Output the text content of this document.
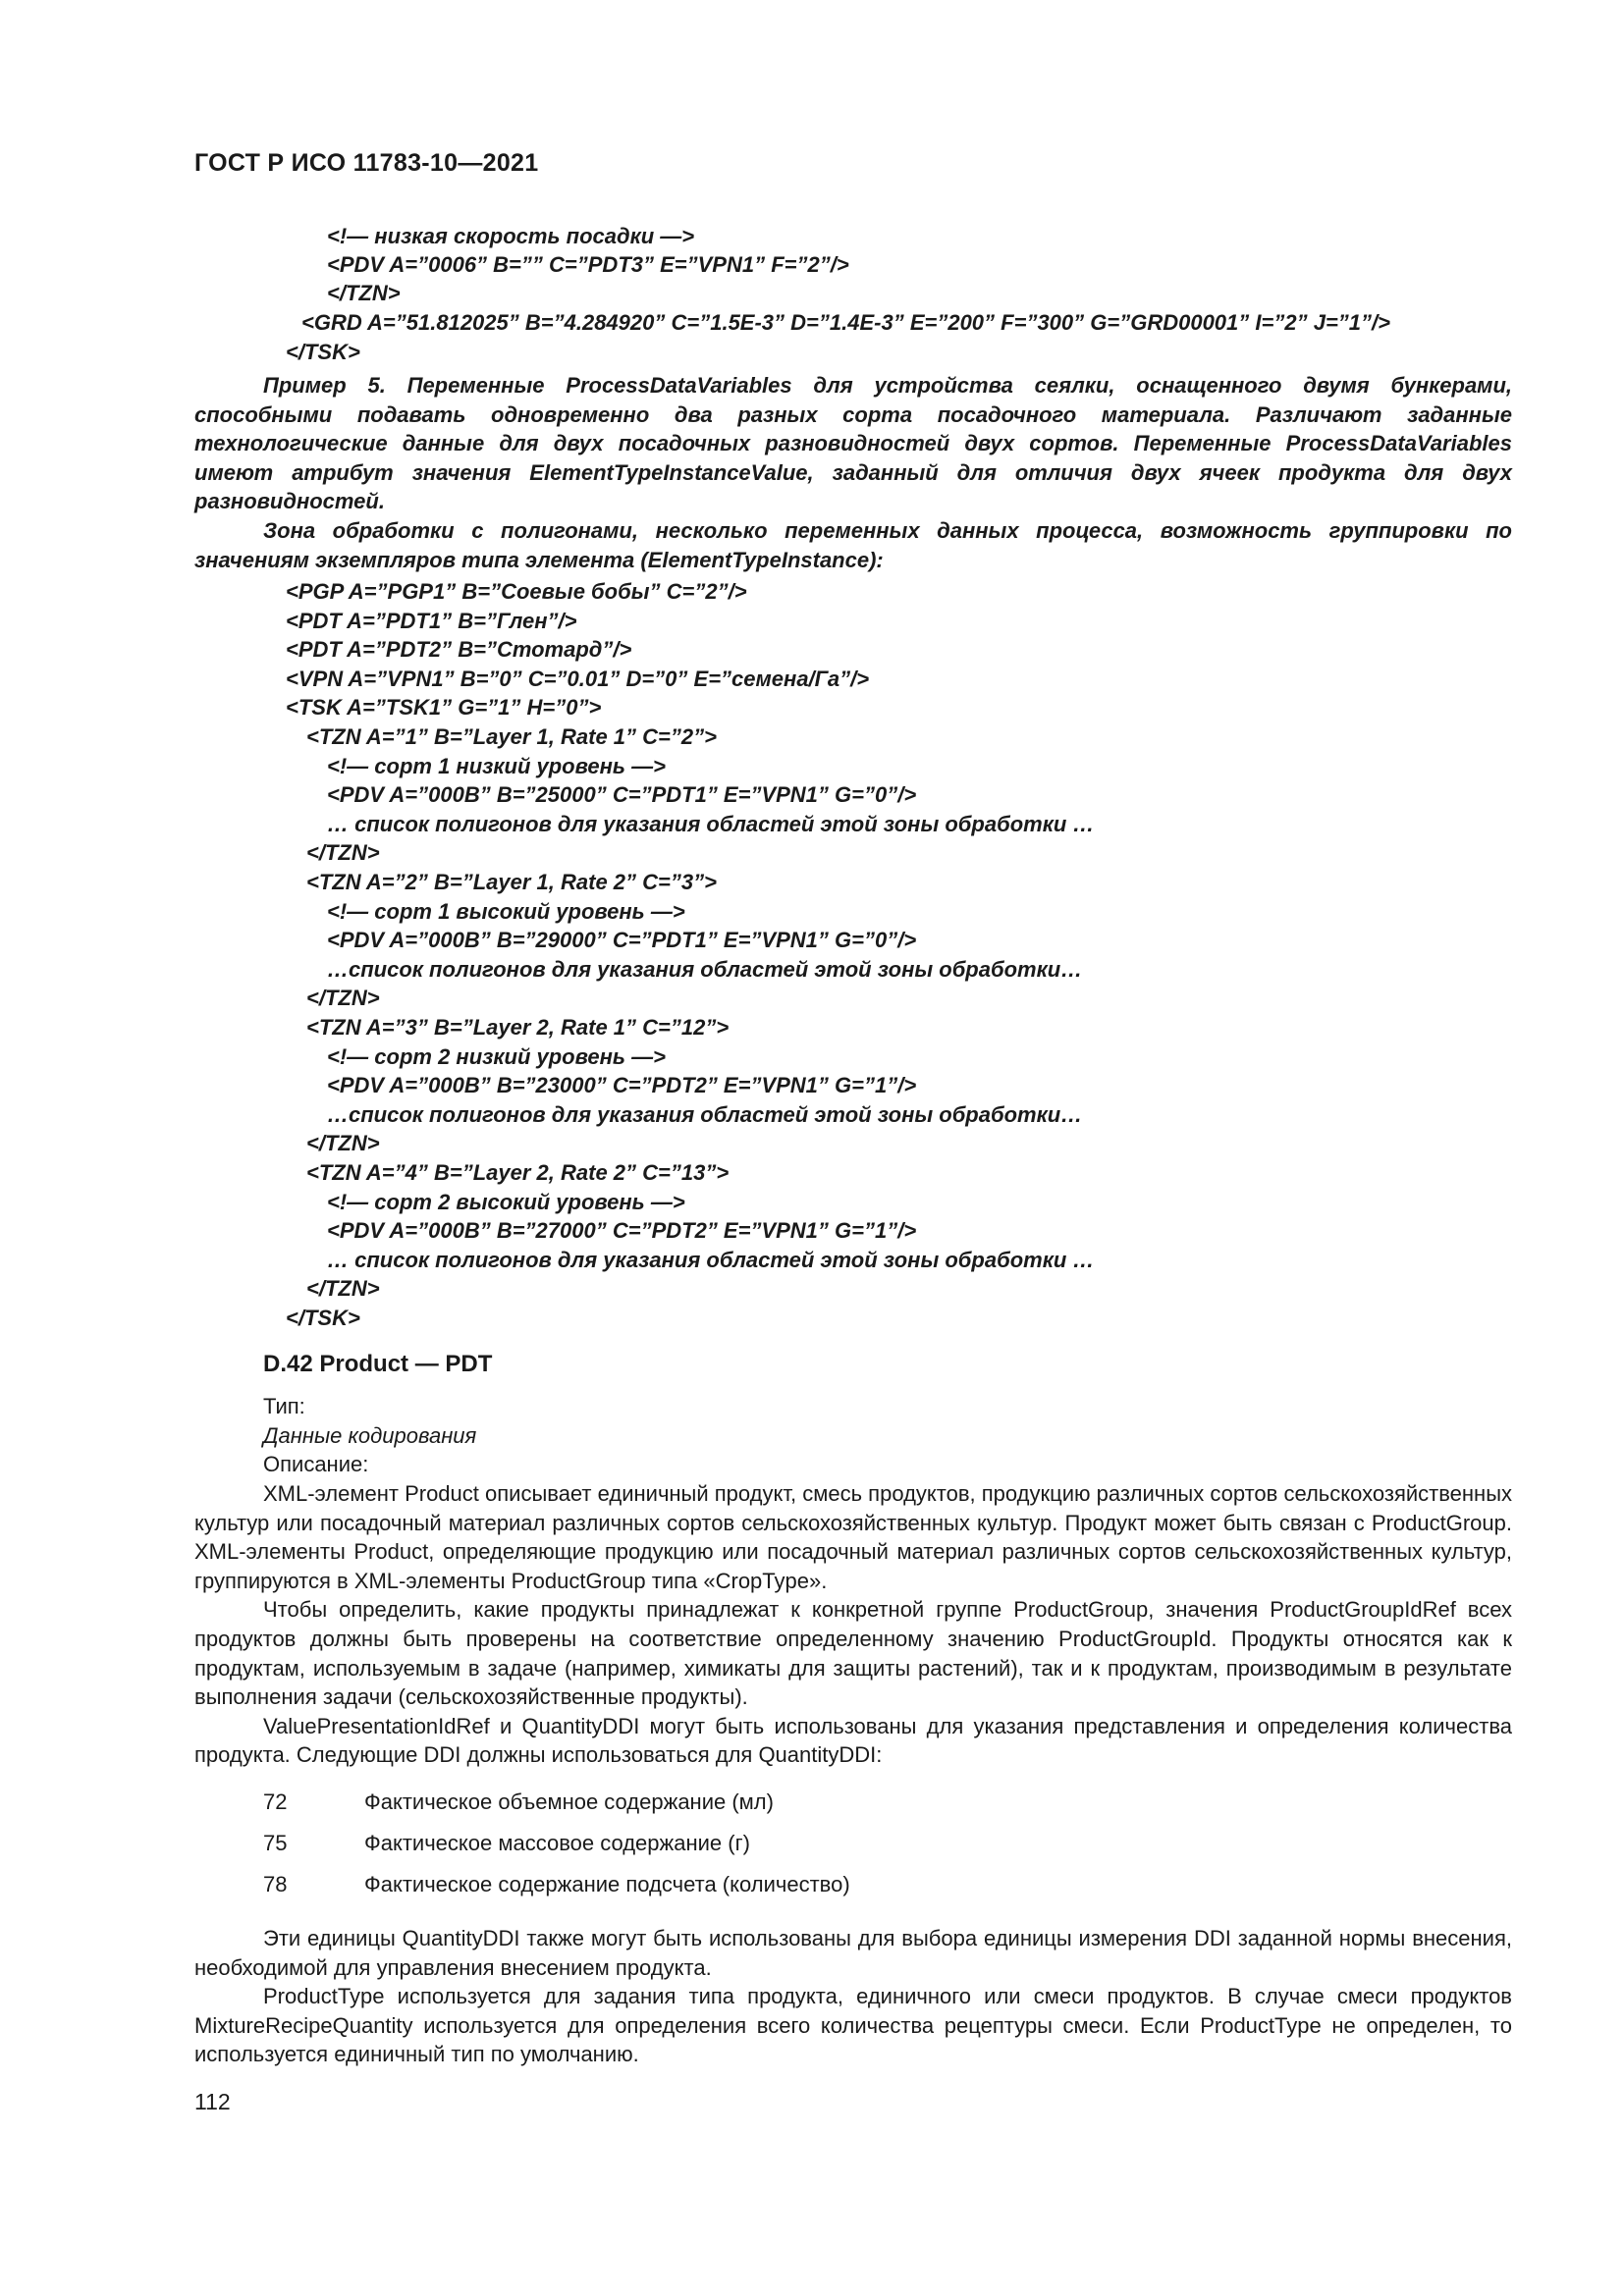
ГОСТ Р ИСО 11783-10—2021
<!— низкая скорость посадки —>
<PDV A=”0006” B=”” C=”PDT3” E=”VPN1” F=”2”/>
</TZN>
<GRD A=”51.812025” B=”4.284920” C=”1.5E-3” D=”1.4E-3” E=”200” F=”300” G=”GRD00001” I=”2” J=”1”/>
</TSK>

Пример 5. Переменные ProcessDataVariables для устройства сеялки, оснащенного двумя бункерами, способными подавать одновременно два разных сорта посадочного материала. Различают заданные технологические данные для двух посадочных разновидностей двух сортов. Переменные ProcessDataVariables имеют атрибут значения ElementTypeInstanceValue, заданный для отличия двух ячеек продукта для двух разновидностей.

Зона обработки с полигонами, несколько переменных данных процесса, возможность группировки по значениям экземпляров типа элемента (ElementTypeInstance):

<PGP A=”PGP1” B=”Соевые бобы” C=”2”/>
<PDT A=”PDT1” B=”Глен”/>
<PDT A=”PDT2” B=”Стотард”/>
<VPN A=”VPN1” B=”0” C=”0.01” D=”0” E=”семена/Га”/>
<TSK A=”TSK1” G=”1” H=”0”>
<TZN A=”1” B=”Layer 1, Rate 1” C=”2”>
<!— сорт 1 низкий уровень —>
<PDV A=”000B” B=”25000” C=”PDT1” E=”VPN1” G=”0”/>
… список полигонов для указания областей этой зоны обработки …
</TZN>
<TZN A=”2” B=”Layer 1, Rate 2” C=”3”>
<!— сорт 1 высокий уровень —>
<PDV A=”000B” B=”29000” C=”PDT1” E=”VPN1” G=”0”/>
…список полигонов для указания областей этой зоны обработки…
</TZN>
<TZN A=”3” B=”Layer 2, Rate 1” C=”12”>
<!— сорт 2 низкий уровень —>
<PDV A=”000B” B=”23000” C=”PDT2” E=”VPN1” G=”1”/>
…список полигонов для указания областей этой зоны обработки…
</TZN>
<TZN A=”4” B=”Layer 2, Rate 2” C=”13”>
<!— сорт 2 высокий уровень —>
<PDV A=”000B” B=”27000” C=”PDT2” E=”VPN1” G=”1”/>
… список полигонов для указания областей этой зоны обработки …
</TZN>
</TSK>
D.42 Product — PDT
Тип:
Данные кодирования
Описание:

XML-элемент Product описывает единичный продукт, смесь продуктов, продукцию различных сортов сельскохозяйственных культур или посадочный материал различных сортов сельскохозяйственных культур. Продукт может быть связан с ProductGroup. XML-элементы Product, определяющие продукцию или посадочный материал различных сортов сельскохозяйственных культур, группируются в XML-элементы ProductGroup типа «CropType».

Чтобы определить, какие продукты принадлежат к конкретной группе ProductGroup, значения ProductGroupIdRef всех продуктов должны быть проверены на соответствие определенному значению ProductGroupId. Продукты относятся как к продуктам, используемым в задаче (например, химикаты для защиты растений), так и к продуктам, производимым в результате выполнения задачи (сельскохозяйственные продукты).

ValuePresentationIdRef и QuantityDDI могут быть использованы для указания представления и определения количества продукта. Следующие DDI должны использоваться для QuantityDDI:

72	Фактическое объемное содержание (мл)
75	Фактическое массовое содержание (г)
78	Фактическое содержание подсчета (количество)

Эти единицы QuantityDDI также могут быть использованы для выбора единицы измерения DDI заданной нормы внесения, необходимой для управления внесением продукта.

ProductType используется для задания типа продукта, единичного или смеси продуктов. В случае смеси продуктов MixtureRecipeQuantity используется для определения всего количества рецептуры смеси. Если ProductType не определен, то используется единичный тип по умолчанию.

112
